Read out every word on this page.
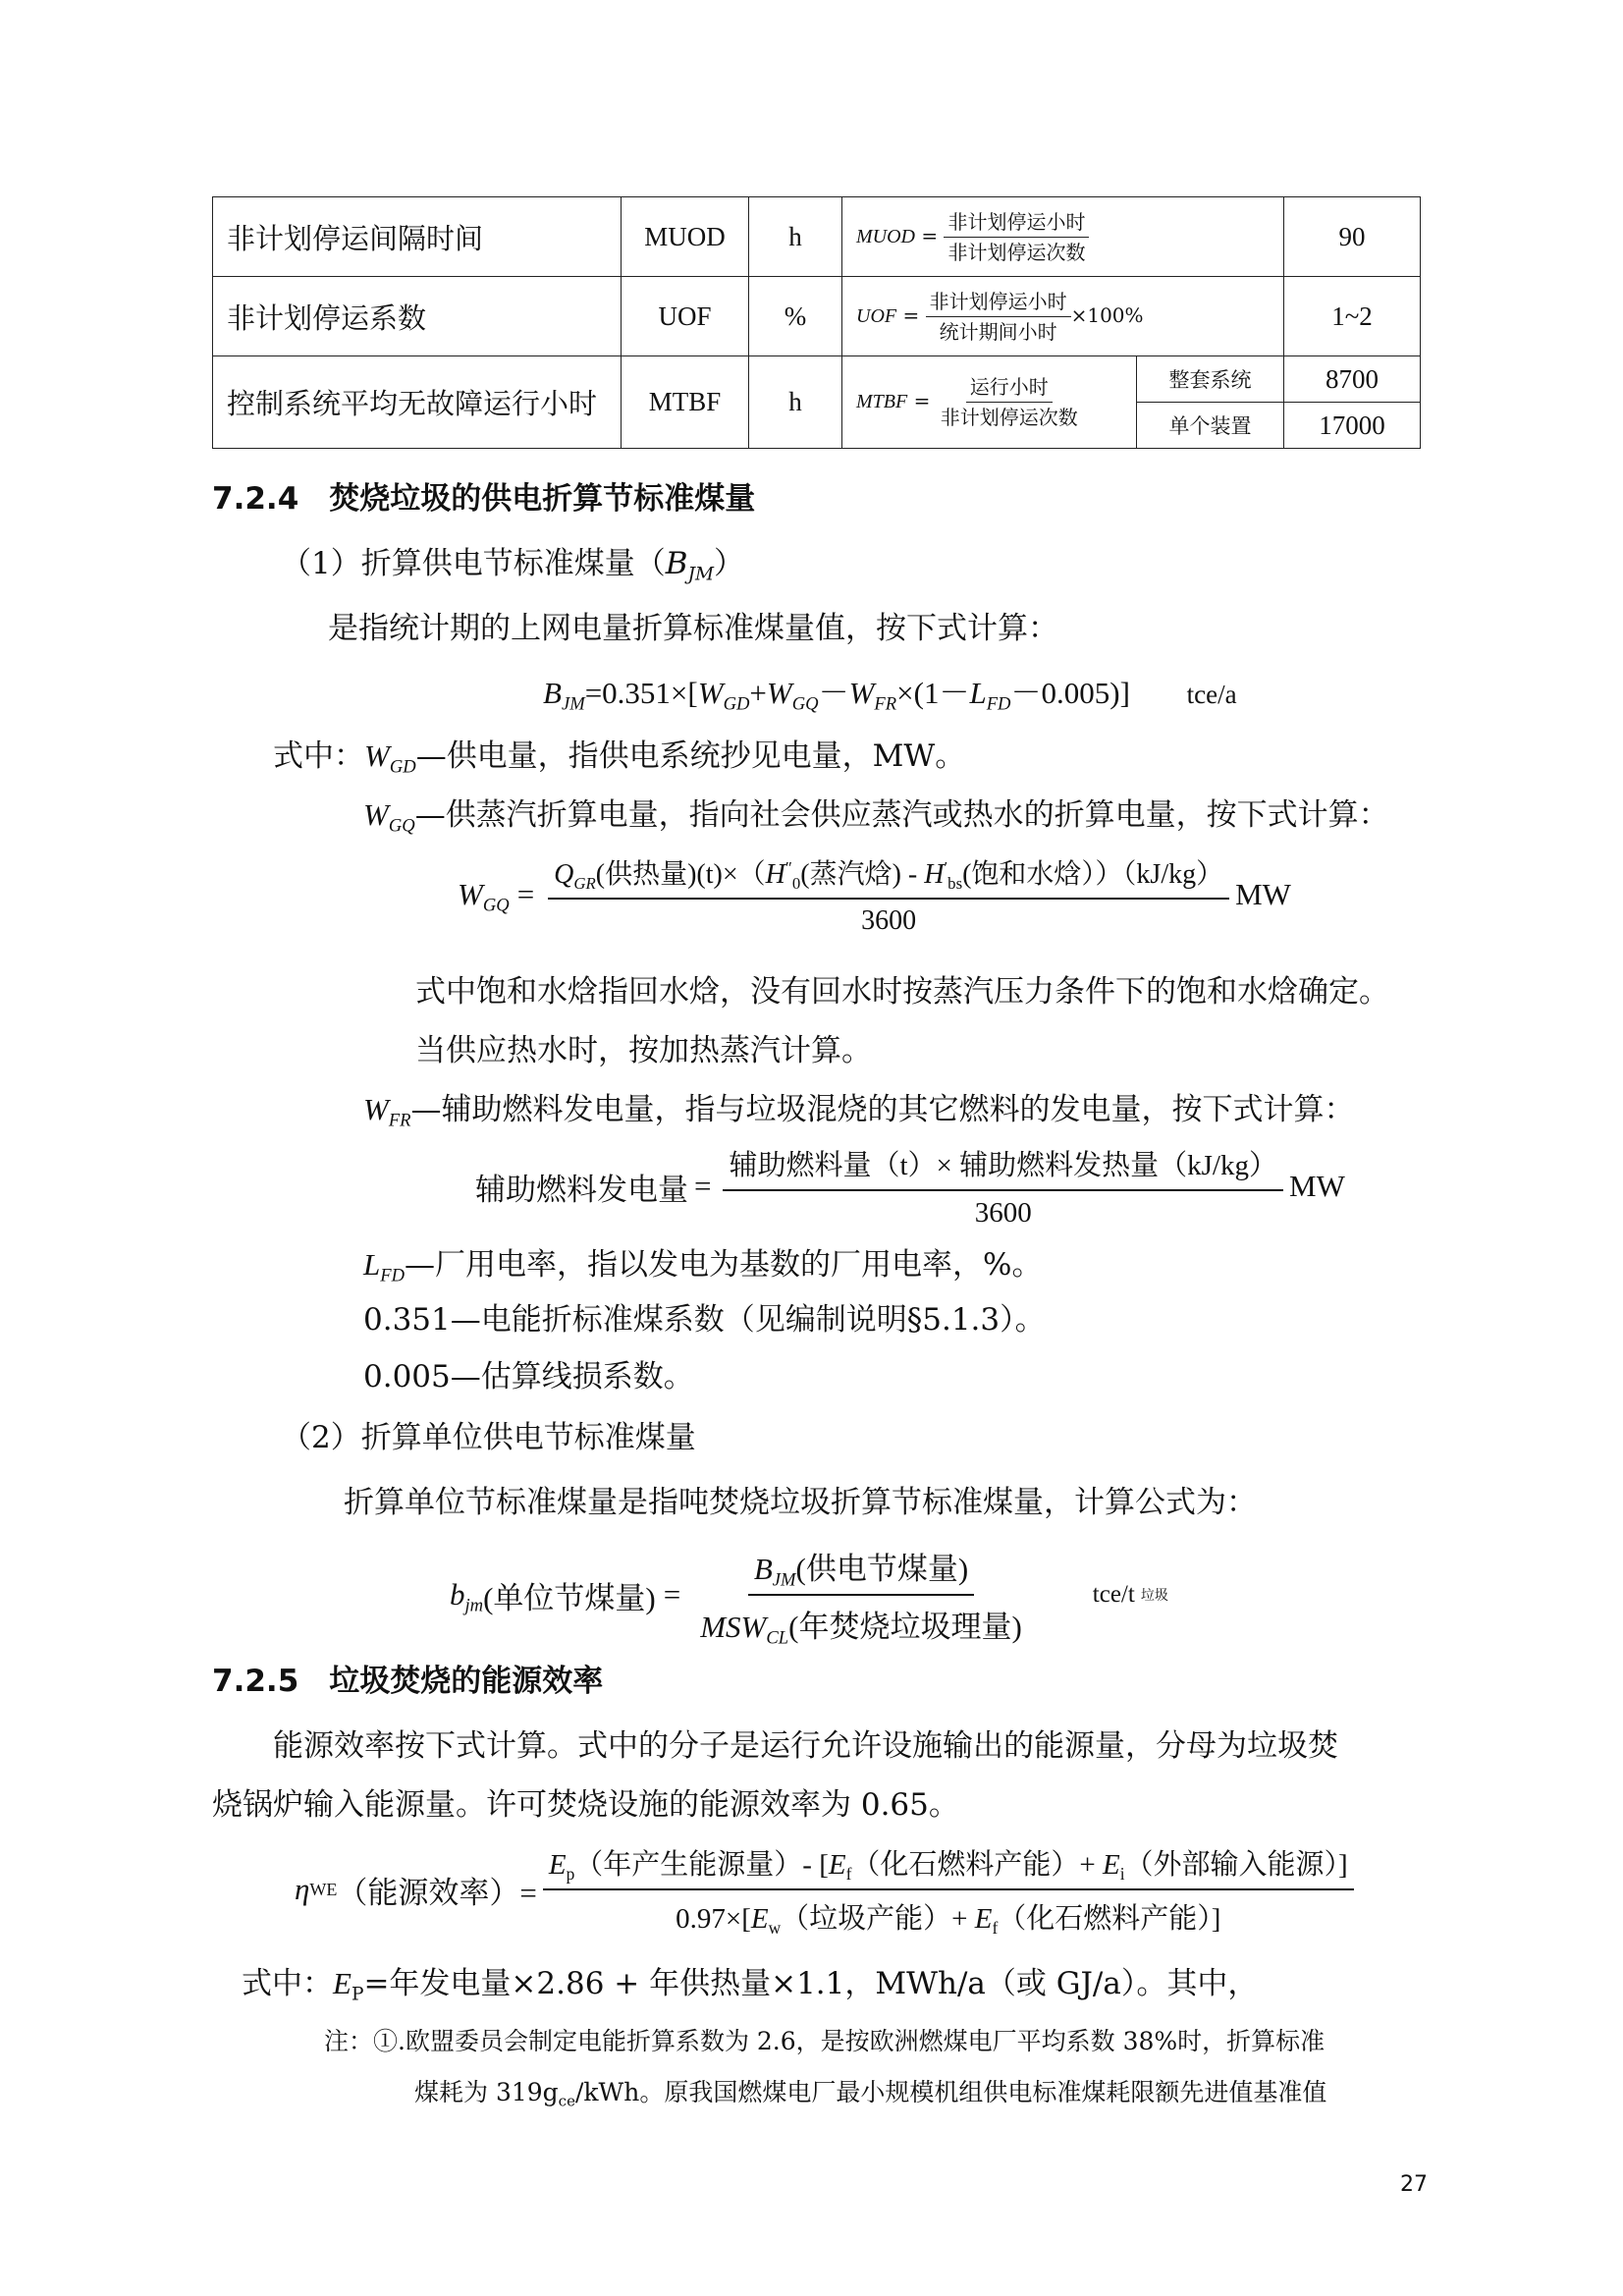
非计划停运间隔时间	MUOD	h	MUOD = $\frac{\text{非计划停运小时}}{\text{非计划停运次数}}$		90
非计划停运系数	UOF	%	UOF = $\frac{\text{非计划停运小时}}{\text{统计期间小时}} \times 100\%$		1~2
控制系统平均无故障运行小时	MTBF	h	MTBF = $\frac{\text{运行小时}}{\text{非计划停运次数}}$	整套系统	8700
				单个装置	17000
7.2.4　焚烧垃圾的供电折算节标准煤量
（1）折算供电节标准煤量$(B_{JM})$
是指统计期的上网电量折算标准煤量值，按下式计算：
$B_{JM}=0.351\times[W_{GD}+W_{GQ}-W_{FR}\times(1-L_{FD}-0.005)]$ tce/a
式中：$W_{GD}—$供电量，指供电系统抄见电量，MW。
$W_{GQ}—$供蒸汽折算电量，指向社会供应蒸汽或热水的折算电量，按下式计算：
$W_{GQ} = \frac{Q_{GR}(供热量)(t)\times(H''_0(蒸汽焓) - H'_{bs}(饱和水焓))(kJ/kg)}{3600}$ MW
式中饱和水焓指回水焓，没有回水时按蒸汽压力条件下的饱和水焓确定。
当供应热水时，按加热蒸汽计算。
$W_{FR}—$辅助燃料发电量，指与垃圾混烧的其它燃料的发电量，按下式计算：
辅助燃料发电量 = $\frac{\text{辅助燃料量（t）× 辅助燃料发热量（kJ/kg）}}{3600}$ MW
$L_{FD}—$厂用电率，指以发电为基数的厂用电率，%。
0.351—电能折标准煤系数（见编制说明§5.1.3）。
0.005—估算线损系数。
（2）折算单位供电节标准煤量
折算单位节标准煤量是指吨焚烧垃圾折算节标准煤量，计算公式为：
$b_{jm}$ (单位节煤量) = $\frac{B_{JM}(供电节煤量)}{MSW_{CL}(年焚烧垃圾理量)}$	tce/t 垃圾
7.2.5　垃圾焚烧的能源效率
能源效率按下式计算。式中的分子是运行允许设施输出的能源量，分母为垃圾焚
烧锅炉输入能源量。许可焚烧设施的能源效率为 0.65。
η WE （能源效率）= $\frac{E_p(年产生能源量)- [E_f(化石燃料产能)+ E_i(外部输入能源)]}{0.97\times[E_w(垃圾产能)+ E_f(化石燃料产能)]}$
式中：$E_P=$年发电量×2.86 + 年供热量×1.1，MWh/a（或 GJ/a）。其中，
注：①.欧盟委员会制定电能折算系数为 2.6，是按欧洲燃煤电厂平均系数 38%时，折算标准
煤耗为 $319g_{ce}$/kWh。原我国燃煤电厂最小规模机组供电标准煤耗限额先进值基准值
27
